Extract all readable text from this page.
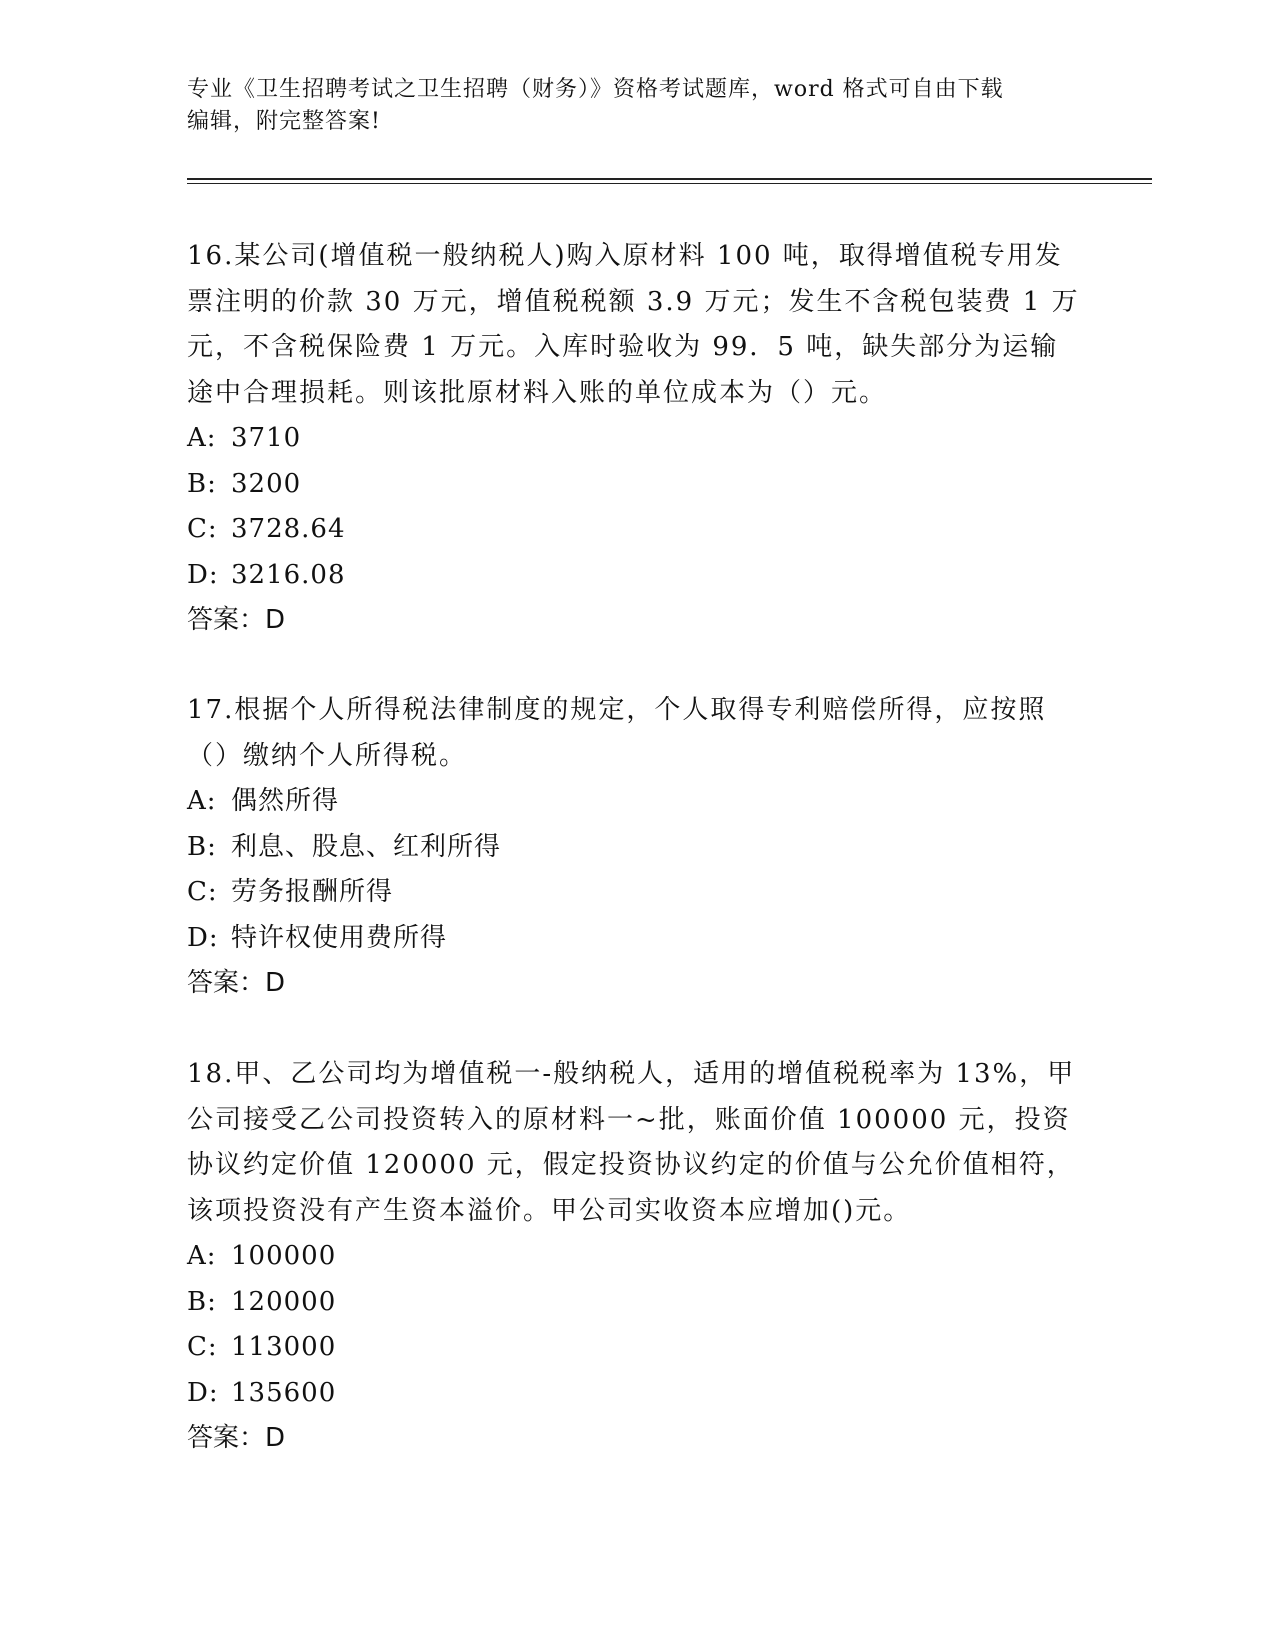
专业《卫生招聘考试之卫生招聘（财务）》资格考试题库，word 格式可自由下载
编辑，附完整答案!

16.某公司(增值税一般纳税人)购入原材料 100 吨，取得增值税专用发

票注明的价款 30 万元，增值税税额 3.9 万元；发生不含税包装费 1 万

元，不含税保险费 1 万元。入库时验收为 99．5 吨，缺失部分为运输

途中合理损耗。则该批原材料入账的单位成本为（）元。

A: 3710

B: 3200

C: 3728.64

D: 3216.08

答案：D

17.根据个人所得税法律制度的规定，个人取得专利赔偿所得，应按照

（）缴纳个人所得税。

A: 偶然所得

B: 利息、股息、红利所得

C: 劳务报酬所得

D: 特许权使用费所得

答案：D

18.甲、乙公司均为增值税一-般纳税人，适用的增值税税率为 13%，甲

公司接受乙公司投资转入的原材料一~批，账面价值 100000 元，投资

协议约定价值 120000 元，假定投资协议约定的价值与公允价值相符，

该项投资没有产生资本溢价。甲公司实收资本应增加()元。

A: 100000

B: 120000

C: 113000

D: 135600

答案：D
